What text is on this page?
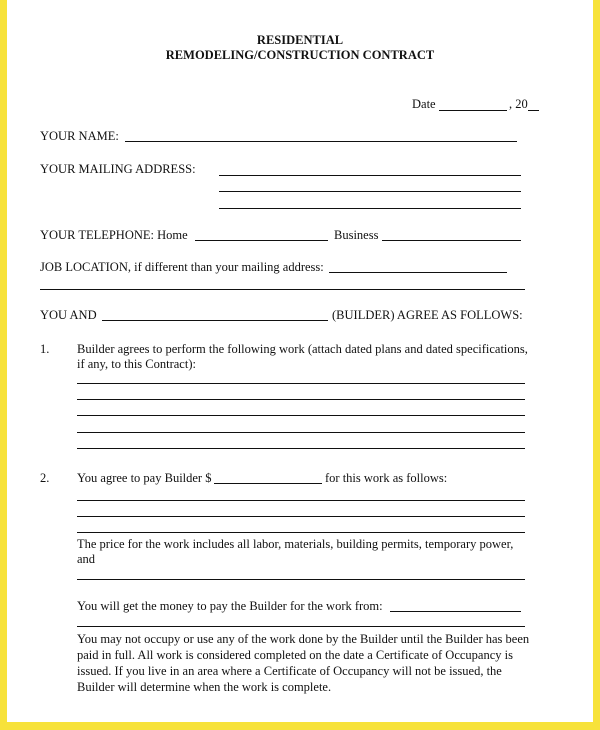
RESIDENTIAL
REMODELING/CONSTRUCTION CONTRACT
Date	, 20
YOUR NAME:
YOUR MAILING ADDRESS:
YOUR TELEPHONE: Home	Business
JOB LOCATION, if different than your mailing address:
YOU AND	(BUILDER) AGREE AS FOLLOWS:
1. Builder agrees to perform the following work (attach dated plans and dated specifications,
if any, to this Contract):
2. You agree to pay Builder $	for this work as follows:
The price for the work includes all labor, materials, building permits, temporary power,
and
You will get the money to pay the Builder for the work from:
You may not occupy or use any of the work done by the Builder until the Builder has been
paid in full. All work is considered completed on the date a Certificate of Occupancy is
issued. If you live in an area where a Certificate of Occupancy will not be issued, the
Builder will determine when the work is complete.
